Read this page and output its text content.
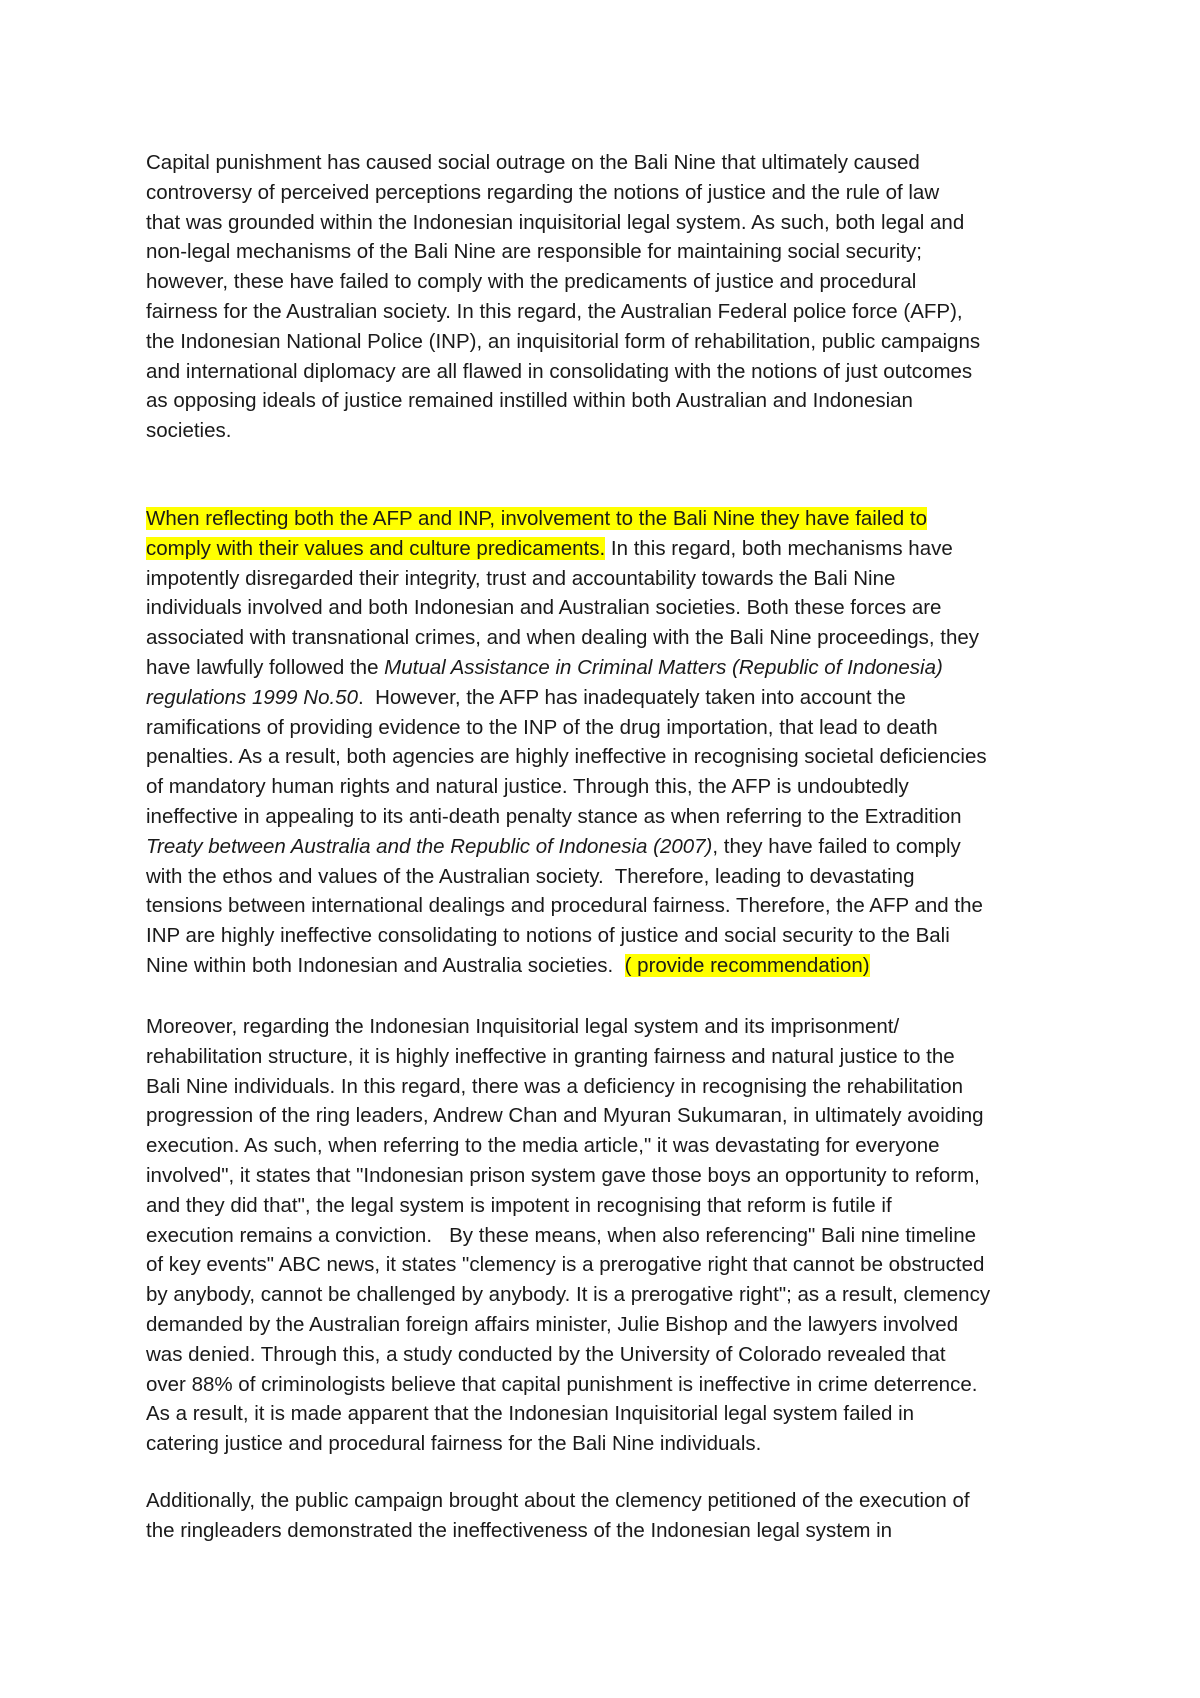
Capital punishment has caused social outrage on the Bali Nine that ultimately caused
controversy of perceived perceptions regarding the notions of justice and the rule of law
that was grounded within the Indonesian inquisitorial legal system. As such, both legal and
non-legal mechanisms of the Bali Nine are responsible for maintaining social security;
however, these have failed to comply with the predicaments of justice and procedural
fairness for the Australian society. In this regard, the Australian Federal police force (AFP),
the Indonesian National Police (INP), an inquisitorial form of rehabilitation, public campaigns
and international diplomacy are all flawed in consolidating with the notions of just outcomes
as opposing ideals of justice remained instilled within both Australian and Indonesian
societies.
When reflecting both the AFP and INP, involvement to the Bali Nine they have failed to
comply with their values and culture predicaments. In this regard, both mechanisms have
impotently disregarded their integrity, trust and accountability towards the Bali Nine
individuals involved and both Indonesian and Australian societies. Both these forces are
associated with transnational crimes, and when dealing with the Bali Nine proceedings, they
have lawfully followed the Mutual Assistance in Criminal Matters (Republic of Indonesia)
regulations 1999 No.50.  However, the AFP has inadequately taken into account the
ramifications of providing evidence to the INP of the drug importation, that lead to death
penalties. As a result, both agencies are highly ineffective in recognising societal deficiencies
of mandatory human rights and natural justice. Through this, the AFP is undoubtedly
ineffective in appealing to its anti-death penalty stance as when referring to the Extradition
Treaty between Australia and the Republic of Indonesia (2007), they have failed to comply
with the ethos and values of the Australian society.  Therefore, leading to devastating
tensions between international dealings and procedural fairness. Therefore, the AFP and the
INP are highly ineffective consolidating to notions of justice and social security to the Bali
Nine within both Indonesian and Australia societies.  ( provide recommendation)
Moreover, regarding the Indonesian Inquisitorial legal system and its imprisonment/
rehabilitation structure, it is highly ineffective in granting fairness and natural justice to the
Bali Nine individuals. In this regard, there was a deficiency in recognising the rehabilitation
progression of the ring leaders, Andrew Chan and Myuran Sukumaran, in ultimately avoiding
execution. As such, when referring to the media article," it was devastating for everyone
involved", it states that "Indonesian prison system gave those boys an opportunity to reform,
and they did that", the legal system is impotent in recognising that reform is futile if
execution remains a conviction.   By these means, when also referencing" Bali nine timeline
of key events" ABC news, it states "clemency is a prerogative right that cannot be obstructed
by anybody, cannot be challenged by anybody. It is a prerogative right"; as a result, clemency
demanded by the Australian foreign affairs minister, Julie Bishop and the lawyers involved
was denied. Through this, a study conducted by the University of Colorado revealed that
over 88% of criminologists believe that capital punishment is ineffective in crime deterrence.
As a result, it is made apparent that the Indonesian Inquisitorial legal system failed in
catering justice and procedural fairness for the Bali Nine individuals.
Additionally, the public campaign brought about the clemency petitioned of the execution of
the ringleaders demonstrated the ineffectiveness of the Indonesian legal system in
